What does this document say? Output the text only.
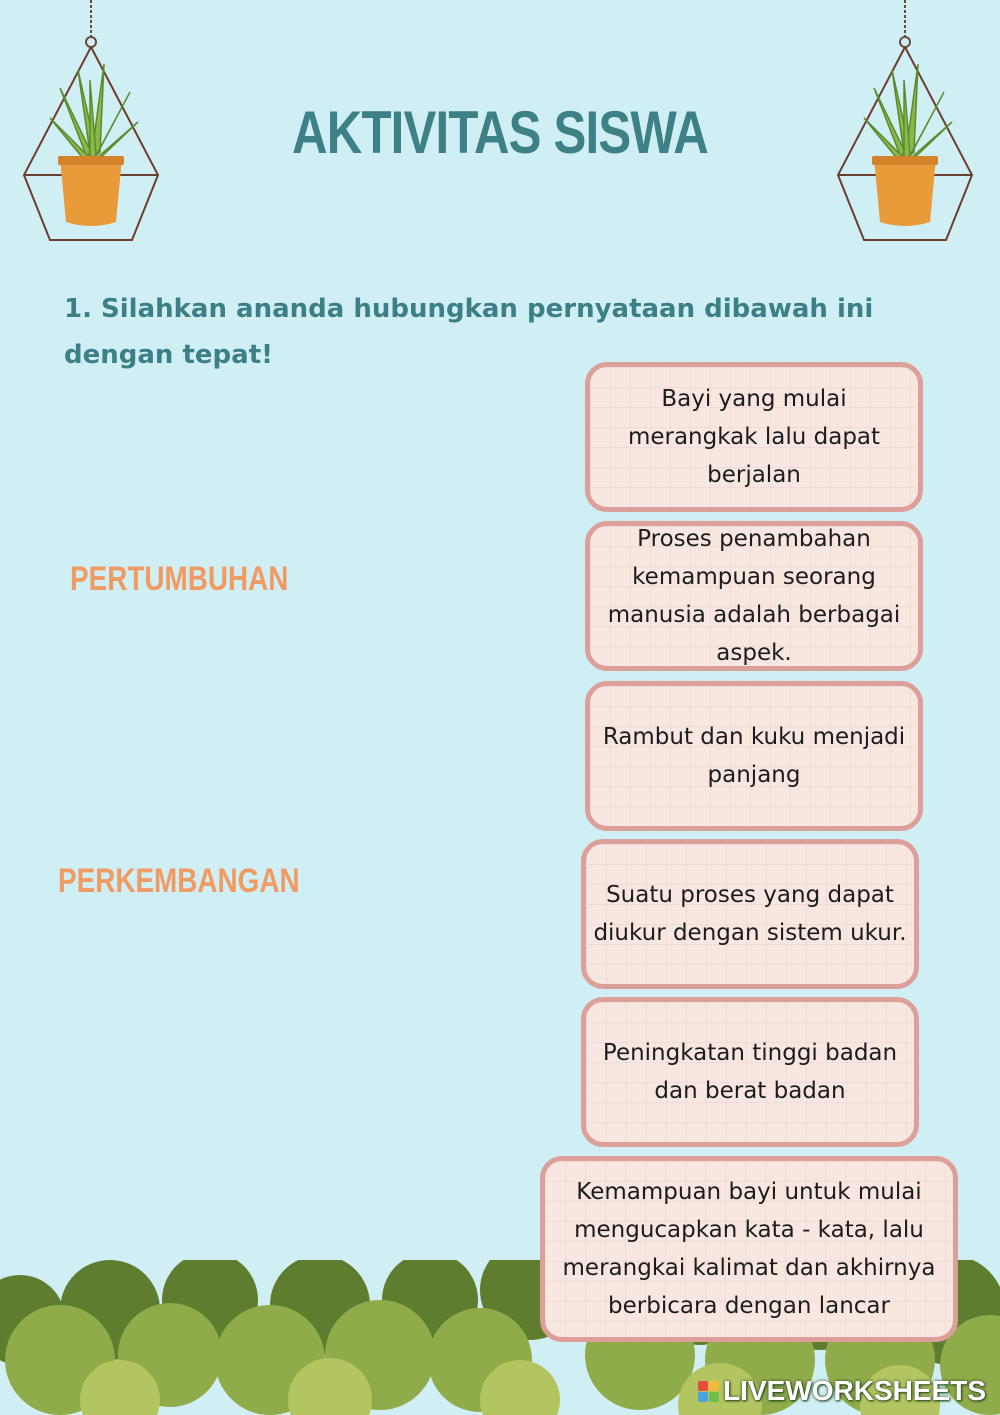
AKTIVITAS SISWA
1. Silahkan ananda hubungkan pernyataan dibawah ini dengan tepat!
PERTUMBUHAN
PERKEMBANGAN
Bayi yang mulai merangkak lalu dapat berjalan
Proses penambahan kemampuan seorang manusia adalah berbagai aspek.
Rambut dan kuku menjadi panjang
Suatu proses yang dapat diukur dengan sistem ukur.
Peningkatan tinggi badan dan berat badan
Kemampuan bayi untuk mulai mengucapkan kata - kata, lalu merangkai kalimat dan akhirnya berbicara dengan lancar
LIVEWORKSHEETS
